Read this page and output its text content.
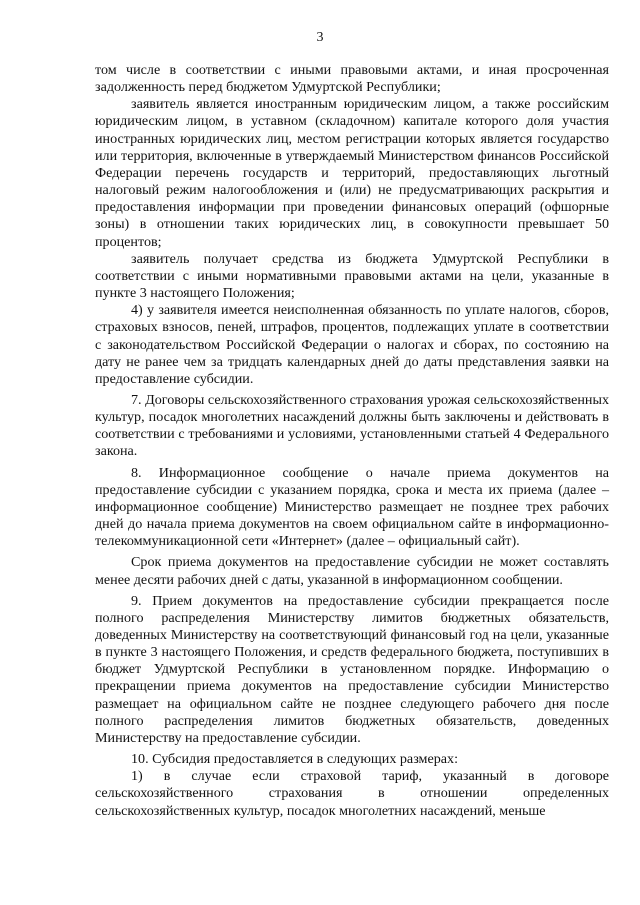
3

том числе в соответствии с иными правовыми актами, и иная просроченная задолженность перед бюджетом Удмуртской Республики;

заявитель является иностранным юридическим лицом, а также российским юридическим лицом, в уставном (складочном) капитале которого доля участия иностранных юридических лиц, местом регистрации которых является государство или территория, включенные в утверждаемый Министерством финансов Российской Федерации перечень государств и территорий, предоставляющих льготный налоговый режим налогообложения и (или) не предусматривающих раскрытия и предоставления информации при проведении финансовых операций (офшорные зоны) в отношении таких юридических лиц, в совокупности превышает 50 процентов;

заявитель получает средства из бюджета Удмуртской Республики в соответствии с иными нормативными правовыми актами на цели, указанные в пункте 3 настоящего Положения;

4) у заявителя имеется неисполненная обязанность по уплате налогов, сборов, страховых взносов, пеней, штрафов, процентов, подлежащих уплате в соответствии с законодательством Российской Федерации о налогах и сборах, по состоянию на дату не ранее чем за тридцать календарных дней до даты представления заявки на предоставление субсидии.

7. Договоры сельскохозяйственного страхования урожая сельскохозяйственных культур, посадок многолетних насаждений должны быть заключены и действовать в соответствии с требованиями и условиями, установленными статьей 4 Федерального закона.

8. Информационное сообщение о начале приема документов на предоставление субсидии с указанием порядка, срока и места их приема (далее – информационное сообщение) Министерство размещает не позднее трех рабочих дней до начала приема документов на своем официальном сайте в информационно-телекоммуникационной сети «Интернет» (далее – официальный сайт).

Срок приема документов на предоставление субсидии не может составлять менее десяти рабочих дней с даты, указанной в информационном сообщении.

9. Прием документов на предоставление субсидии прекращается после полного распределения Министерству лимитов бюджетных обязательств, доведенных Министерству на соответствующий финансовый год на цели, указанные в пункте 3 настоящего Положения, и средств федерального бюджета, поступивших в бюджет Удмуртской Республики в установленном порядке. Информацию о прекращении приема документов на предоставление субсидии Министерство размещает на официальном сайте не позднее следующего рабочего дня после полного распределения лимитов бюджетных обязательств, доведенных Министерству на предоставление субсидии.

10. Субсидия предоставляется в следующих размерах:

1) в случае если страховой тариф, указанный в договоре сельскохозяйственного страхования в отношении определенных сельскохозяйственных культур, посадок многолетних насаждений, меньше
